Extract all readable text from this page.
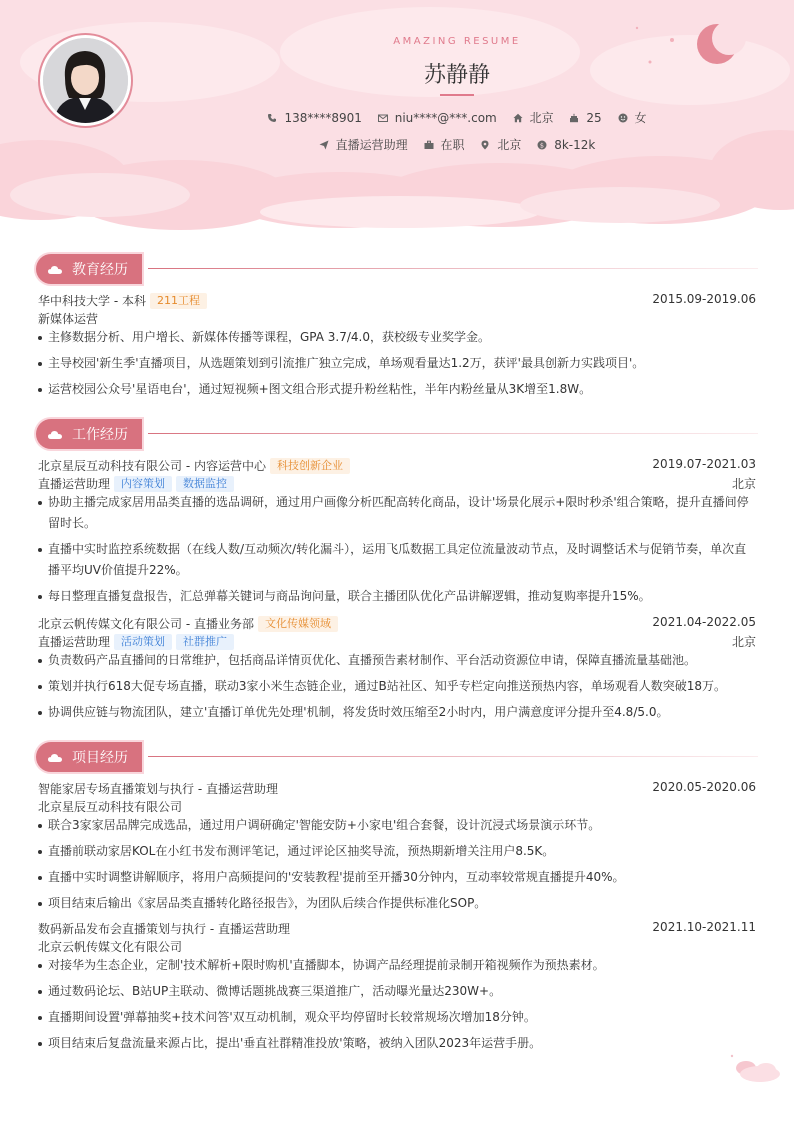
AMAZING RESUME
苏静静
138****8901	niu****@***.com	北京	25	女
直播运营助理	在职	北京	$ 8k-12k
教育经历
华中科技大学 - 本科 211工程	2015.09-2019.06
新媒体运营
主修数据分析、用户增长、新媒体传播等课程，GPA 3.7/4.0，获校级专业奖学金。
主导校园'新生季'直播项目，从选题策划到引流推广独立完成，单场观看量达1.2万，获评'最具创新力实践项目'。
运营校园公众号'星语电台'，通过短视频+图文组合形式提升粉丝粘性，半年内粉丝量从3K增至1.8W。
工作经历
北京星辰互动科技有限公司 - 内容运营中心 科技创新企业	2019.07-2021.03
直播运营助理 内容策划 数据监控	北京
协助主播完成家居用品类直播的选品调研，通过用户画像分析匹配高转化商品，设计'场景化展示+限时秒杀'组合策略，提升直播间停留时长。
直播中实时监控系统数据（在线人数/互动频次/转化漏斗），运用飞瓜数据工具定位流量波动节点，及时调整话术与促销节奏，单次直播平均UV价值提升22%。
每日整理直播复盘报告，汇总弹幕关键词与商品询问量，联合主播团队优化产品讲解逻辑，推动复购率提升15%。
北京云帆传媒文化有限公司 - 直播业务部 文化传媒领域	2021.04-2022.05
直播运营助理 活动策划 社群推广	北京
负责数码产品直播间的日常维护，包括商品详情页优化、直播预告素材制作、平台活动资源位申请，保障直播流量基础池。
策划并执行618大促专场直播，联动3家小米生态链企业，通过B站社区、知乎专栏定向推送预热内容，单场观看人数突破18万。
协调供应链与物流团队，建立'直播订单优先处理'机制，将发货时效压缩至2小时内，用户满意度评分提升至4.8/5.0。
项目经历
智能家居专场直播策划与执行 - 直播运营助理	2020.05-2020.06
北京星辰互动科技有限公司
联合3家家居品牌完成选品，通过用户调研确定'智能安防+小家电'组合套餐，设计沉浸式场景演示环节。
直播前联动家居KOL在小红书发布测评笔记，通过评论区抽奖导流，预热期新增关注用户8.5K。
直播中实时调整讲解顺序，将用户高频提问的'安装教程'提前至开播30分钟内，互动率较常规直播提升40%。
项目结束后输出《家居品类直播转化路径报告》，为团队后续合作提供标准化SOP。
数码新品发布会直播策划与执行 - 直播运营助理	2021.10-2021.11
北京云帆传媒文化有限公司
对接华为生态企业，定制'技术解析+限时购机'直播脚本，协调产品经理提前录制开箱视频作为预热素材。
通过数码论坛、B站UP主联动、微博话题挑战赛三渠道推广，活动曝光量达230W+。
直播期间设置'弹幕抽奖+技术问答'双互动机制，观众平均停留时长较常规场次增加18分钟。
项目结束后复盘流量来源占比，提出'垂直社群精准投放'策略，被纳入团队2023年运营手册。
